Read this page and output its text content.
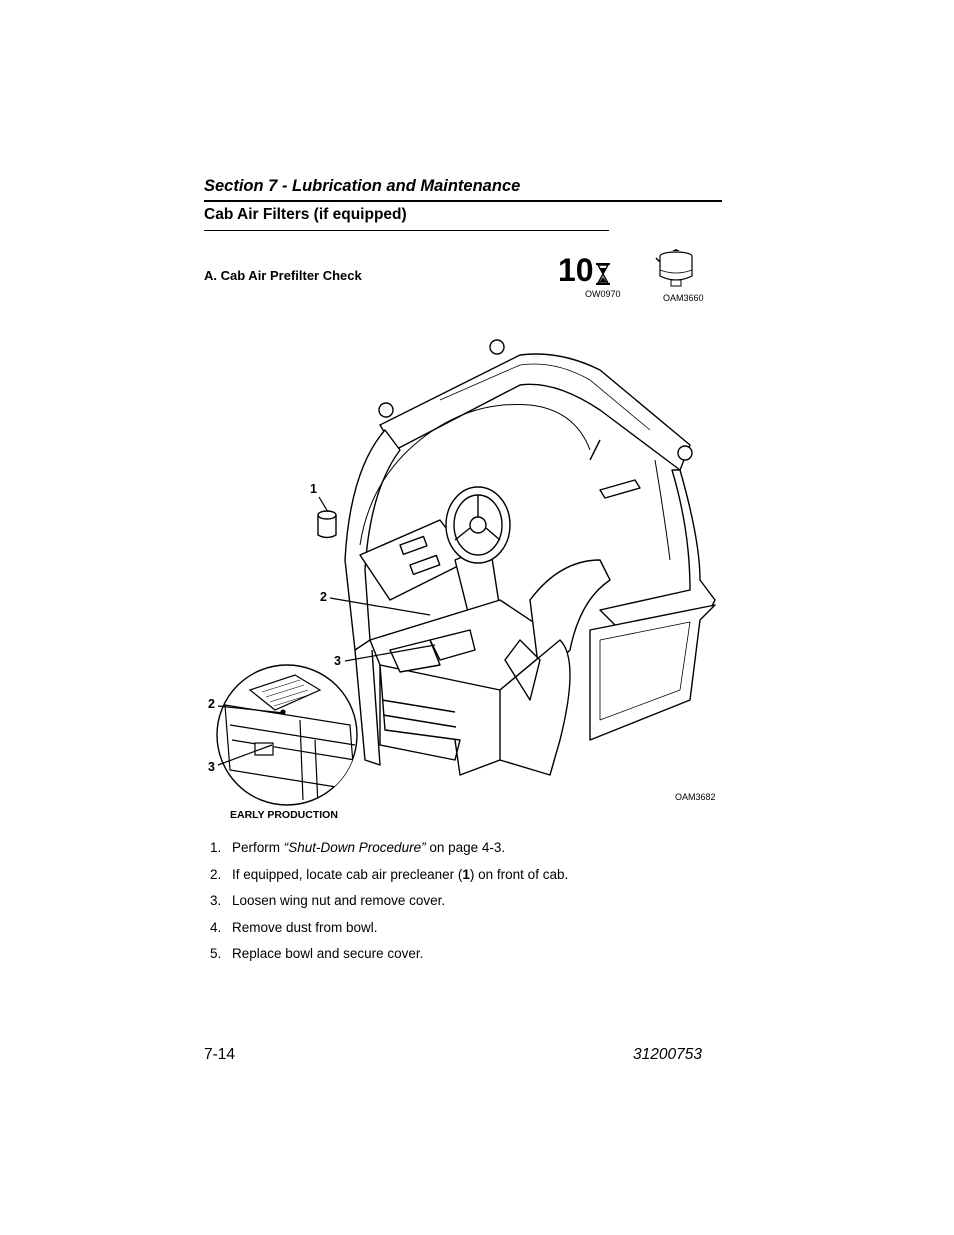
Section 7 - Lubrication and Maintenance
Cab Air Filters (if equipped)
A. Cab Air Prefilter Check	10
OW0970	OAM3660
1
2
3
2
3
OAM3682
EARLY PRODUCTION
1. Perform “Shut-Down Procedure” on page 4-3.
2. If equipped, locate cab air precleaner (1) on front of cab.
3. Loosen wing nut and remove cover.
4. Remove dust from bowl.
5. Replace bowl and secure cover.
7-14	31200753
